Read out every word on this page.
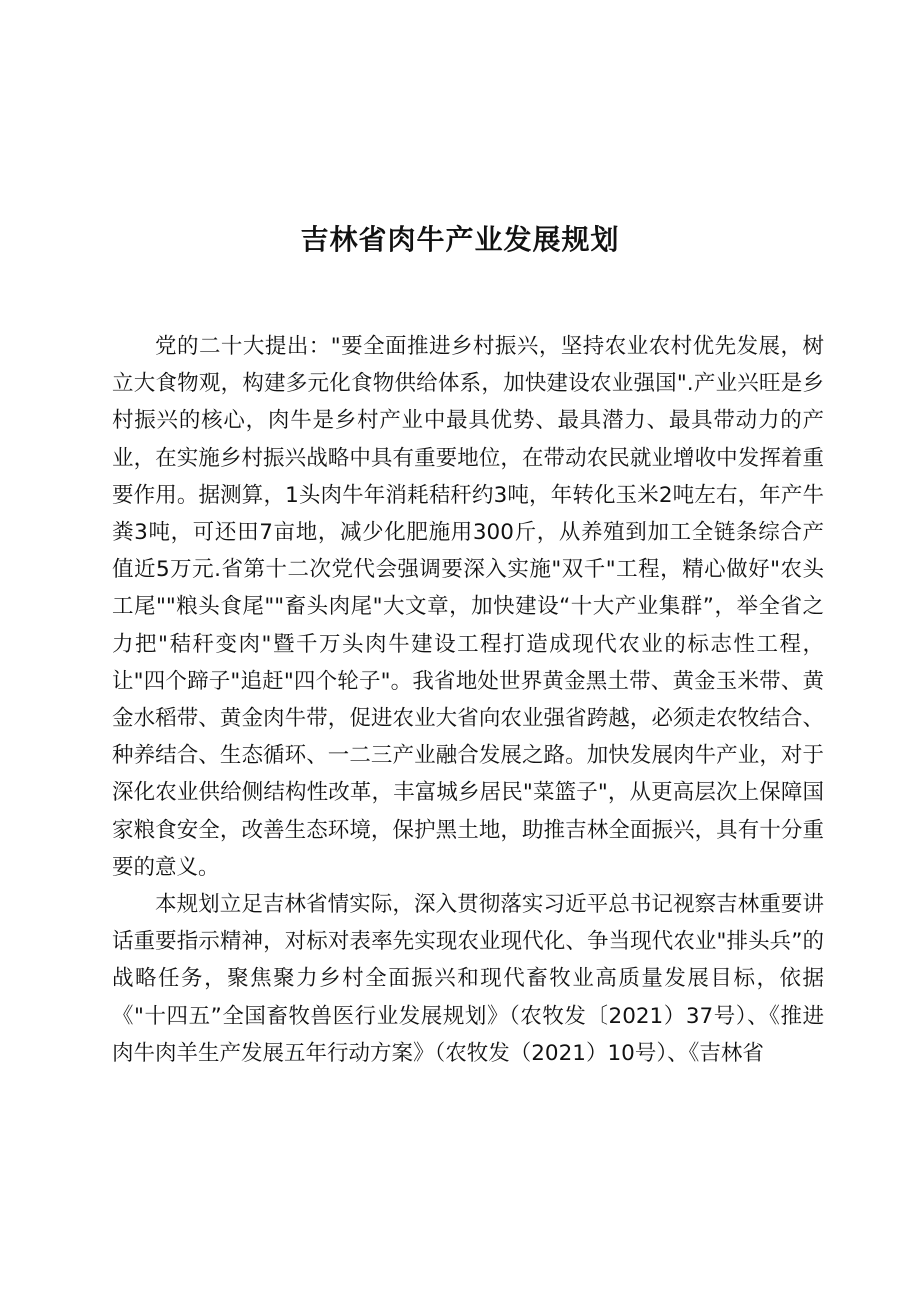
吉林省肉牛产业发展规划

党的二十大提出："要全面推进乡村振兴，坚持农业农村优先发展，树立大食物观，构建多元化食物供给体系，加快建设农业强国".产业兴旺是乡村振兴的核心，肉牛是乡村产业中最具优势、最具潜力、最具带动力的产业，在实施乡村振兴战略中具有重要地位，在带动农民就业增收中发挥着重要作用。据测算，1头肉牛年消耗秸秆约3吨，年转化玉米2吨左右，年产牛粪3吨，可还田7亩地，减少化肥施用300斤，从养殖到加工全链条综合产值近5万元.省第十二次党代会强调要深入实施"双千"工程，精心做好"农头工尾""粮头食尾""畜头肉尾"大文章，加快建设“十大产业集群”，举全省之力把"秸秆变肉"暨千万头肉牛建设工程打造成现代农业的标志性工程，让"四个蹄子"追赶"四个轮子"。我省地处世界黄金黑土带、黄金玉米带、黄金水稻带、黄金肉牛带，促进农业大省向农业强省跨越，必须走农牧结合、种养结合、生态循环、一二三产业融合发展之路。加快发展肉牛产业，对于深化农业供给侧结构性改革，丰富城乡居民"菜篮子"，从更高层次上保障国家粮食安全，改善生态环境，保护黑土地，助推吉林全面振兴，具有十分重要的意义。

本规划立足吉林省情实际，深入贯彻落实习近平总书记视察吉林重要讲话重要指示精神，对标对表率先实现农业现代化、争当现代农业"排头兵”的战略任务，聚焦聚力乡村全面振兴和现代畜牧业高质量发展目标，依据《"十四五”全国畜牧兽医行业发展规划》（农牧发〔2021）37号）、《推进肉牛肉羊生产发展五年行动方案》（农牧发（2021）10号）、《吉林省
